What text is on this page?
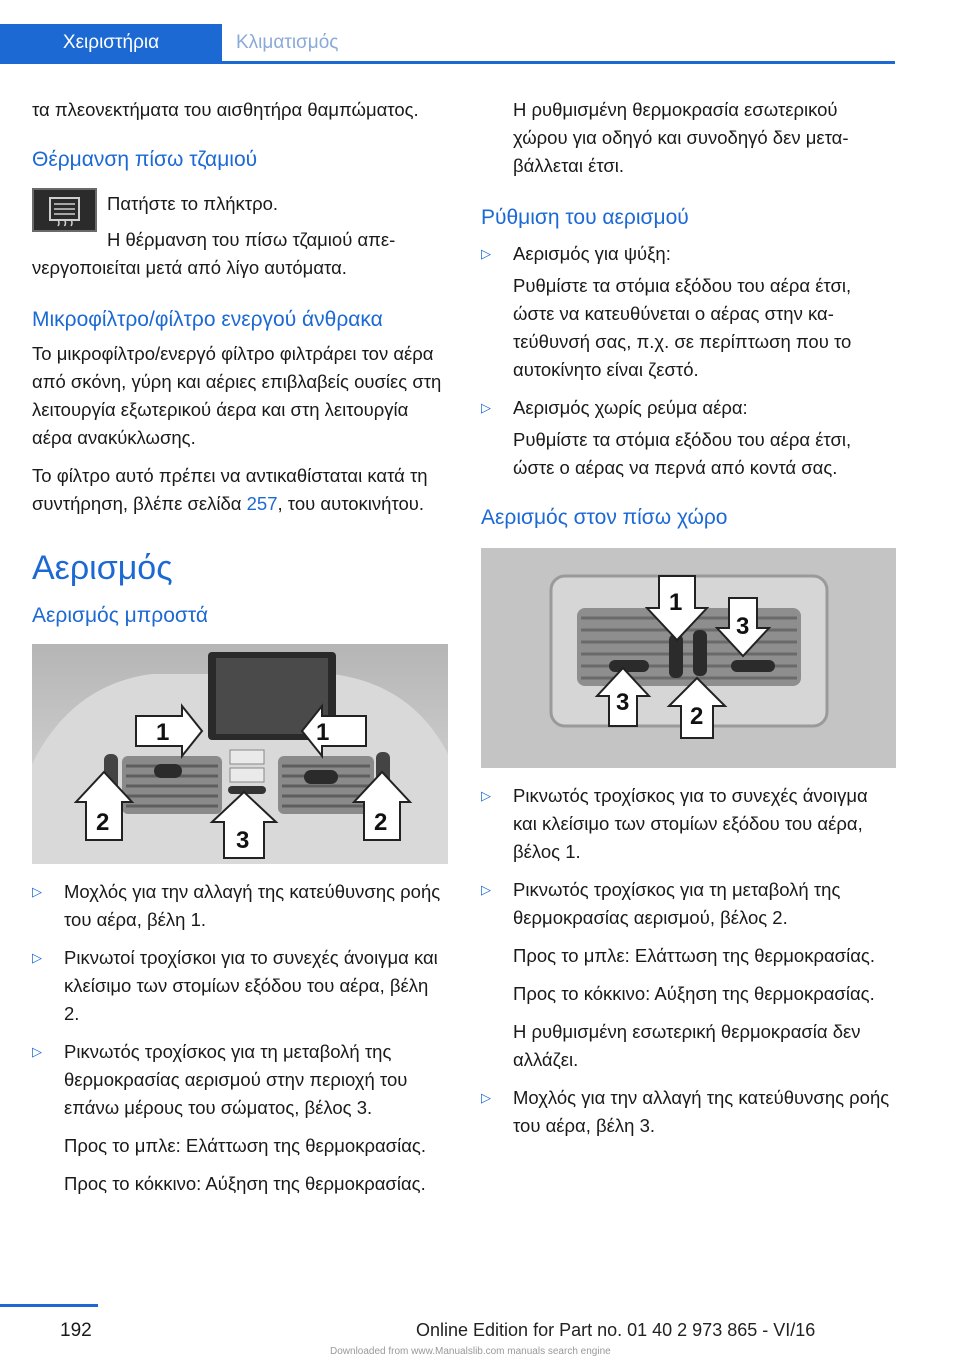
Χειριστήρια	Κλιματισμός

τα πλεονεκτήματα του αισθητήρα θαμπώματος.

Θέρμανση πίσω τζαμιού

Πατήστε το πλήκτρο.

Η θέρμανση του πίσω τζαμιού απενεργοποιείται μετά από λίγο αυτόματα.

Μικροφίλτρο/φίλτρο ενεργού άνθρακα

Το μικροφίλτρο/ενεργό φίλτρο φιλτράρει τον αέρα από σκόνη, γύρη και αέριες επιβλαβείς ουσίες στη λειτουργία εξωτερικού άερα και στη λειτουργία αέρα ανακύκλωσης.

Το φίλτρο αυτό πρέπει να αντικαθίσταται κατά τη συντήρηση, βλέπε σελίδα 257, του αυτοκινήτου.

Αερισμός
Αερισμός μπροστά
1	1
2
3
2
▷ Μοχλός για την αλλαγή της κατεύθυνσης ροής του αέρα, βέλη 1.

▷ Ρικνωτοί τροχίσκοι για το συνεχές άνοιγμα και κλείσιμο των στομίων εξόδου του αέρα, βέλη 2.

▷ Ρικνωτός τροχίσκος για τη μεταβολή της θερμοκρασίας αερισμού στην περιοχή του επάνω μέρους του σώματος, βέλος 3.

Προς το μπλε: Ελάττωση της θερμοκρασίας.

Προς το κόκκινο: Αύξηση της θερμοκρασίας.

Η ρυθμισμένη θερμοκρασία εσωτερικού χώρου για οδηγό και συνοδηγό δεν μεταβάλλεται έτσι.

Ρύθμιση του αερισμού
▷ Αερισμός για ψύξη:

Ρυθμίστε τα στόμια εξόδου του αέρα έτσι, ώστε να κατευθύνεται ο αέρας στην κατεύθυνσή σας, π.χ. σε περίπτωση που το αυτοκίνητο είναι ζεστό.

▷ Αερισμός χωρίς ρεύμα αέρα:

Ρυθμίστε τα στόμια εξόδου του αέρα έτσι, ώστε ο αέρας να περνά από κοντά σας.

Αερισμός στον πίσω χώρο
1
3
3
2
▷ Ρικνωτός τροχίσκος για το συνεχές άνοιγμα και κλείσιμο των στομίων εξόδου του αέρα, βέλος 1.

▷ Ρικνωτός τροχίσκος για τη μεταβολή της θερμοκρασίας αερισμού, βέλος 2.

Προς το μπλε: Ελάττωση της θερμοκρασίας.

Προς το κόκκινο: Αύξηση της θερμοκρασίας.

Η ρυθμισμένη εσωτερική θερμοκρασία δεν αλλάζει.

▷ Μοχλός για την αλλαγή της κατεύθυνσης ροής του αέρα, βέλη 3.

192	Online Edition for Part no. 01 40 2 973 865 - VI/16
Downloaded from www.Manualslib.com manuals search engine
